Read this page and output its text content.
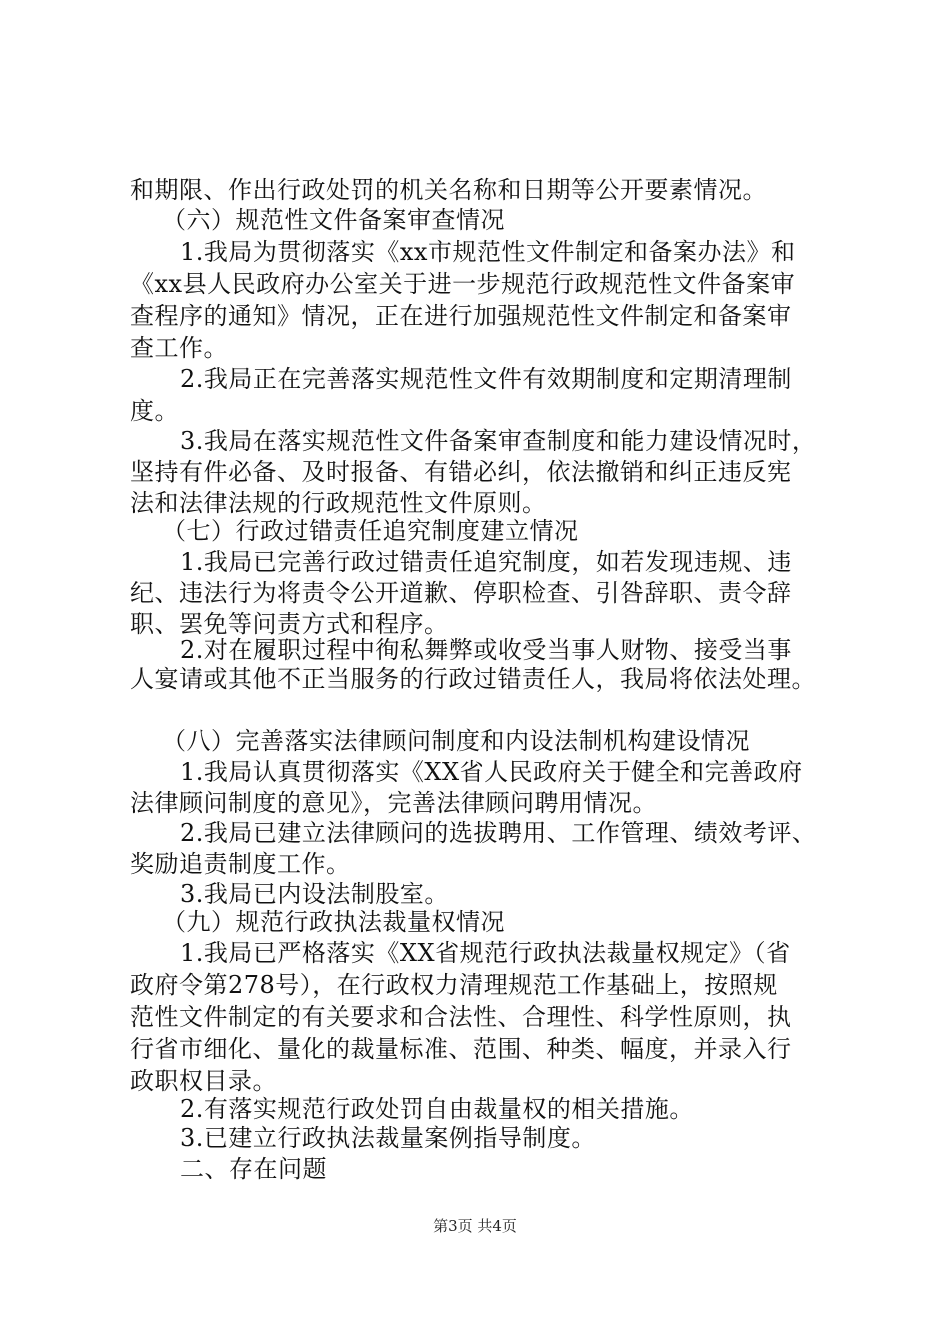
和期限、作出行政处罚的机关名称和日期等公开要素情况。
（六）规范性文件备案审查情况
1.我局为贯彻落实《xx市规范性文件制定和备案办法》和
《xx县人民政府办公室关于进一步规范行政规范性文件备案审
查程序的通知》情况，正在进行加强规范性文件制定和备案审
查工作。
2.我局正在完善落实规范性文件有效期制度和定期清理制
度。
3.我局在落实规范性文件备案审查制度和能力建设情况时，
坚持有件必备、及时报备、有错必纠，依法撤销和纠正违反宪
法和法律法规的行政规范性文件原则。
（七）行政过错责任追究制度建立情况
1.我局已完善行政过错责任追究制度，如若发现违规、违
纪、违法行为将责令公开道歉、停职检查、引咎辞职、责令辞
职、罢免等问责方式和程序。
2.对在履职过程中徇私舞弊或收受当事人财物、接受当事
人宴请或其他不正当服务的行政过错责任人，我局将依法处理。
（八）完善落实法律顾问制度和内设法制机构建设情况
1.我局认真贯彻落实《XX省人民政府关于健全和完善政府
法律顾问制度的意见》，完善法律顾问聘用情况。
2.我局已建立法律顾问的选拔聘用、工作管理、绩效考评、
奖励追责制度工作。
3.我局已内设法制股室。
（九）规范行政执法裁量权情况
1.我局已严格落实《XX省规范行政执法裁量权规定》（省
政府令第278号），在行政权力清理规范工作基础上，按照规
范性文件制定的有关要求和合法性、合理性、科学性原则，执
行省市细化、量化的裁量标准、范围、种类、幅度，并录入行
政职权目录。
2.有落实规范行政处罚自由裁量权的相关措施。
3.已建立行政执法裁量案例指导制度。
二、存在问题
第3页 共4页
